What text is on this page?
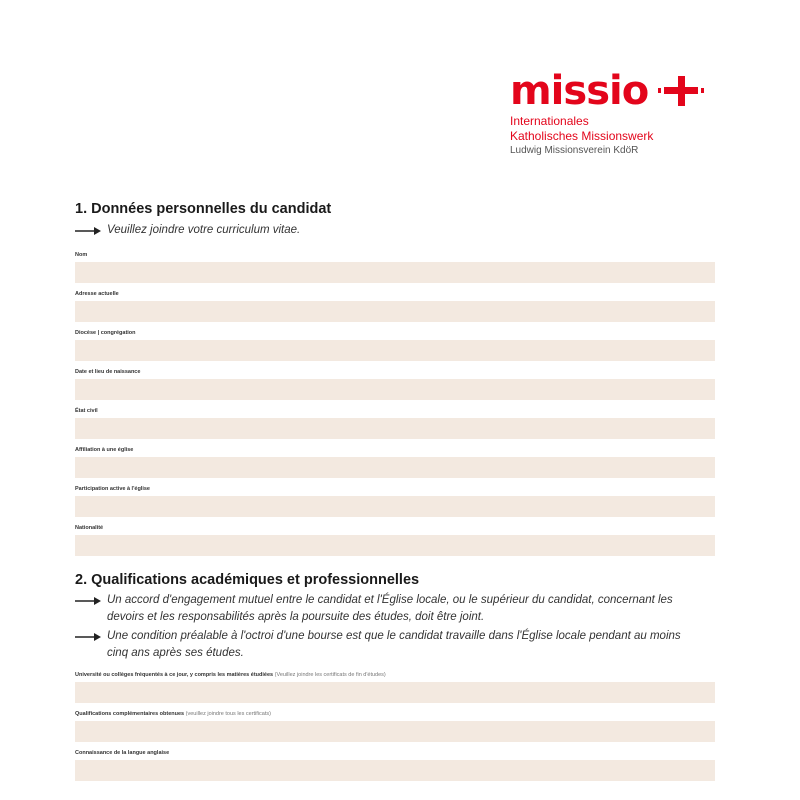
missio
Internationales
Katholisches Missionswerk
Ludwig Missionsverein KdöR
1. Données personnelles du candidat
Veuillez joindre votre curriculum vitae.
Nom
Adresse actuelle
Diocèse | congrégation
Date et lieu de naissance
État civil
Affiliation à une église
Participation active à l'église
Nationalité
2. Qualifications académiques et professionnelles
Un accord d'engagement mutuel entre le candidat et l'Église locale, ou le supérieur du candidat, concernant les devoirs et les responsabilités après la poursuite des études, doit être joint.
Une condition préalable à l'octroi d'une bourse est que le candidat travaille dans l'Église locale pendant au moins cinq ans après ses études.
Université ou collèges fréquentés à ce jour, y compris les matières étudiées (Veuillez joindre les certificats de fin d'études)
Qualifications complémentaires obtenues (veuillez joindre tous les certificats)
Connaissance de la langue anglaise
